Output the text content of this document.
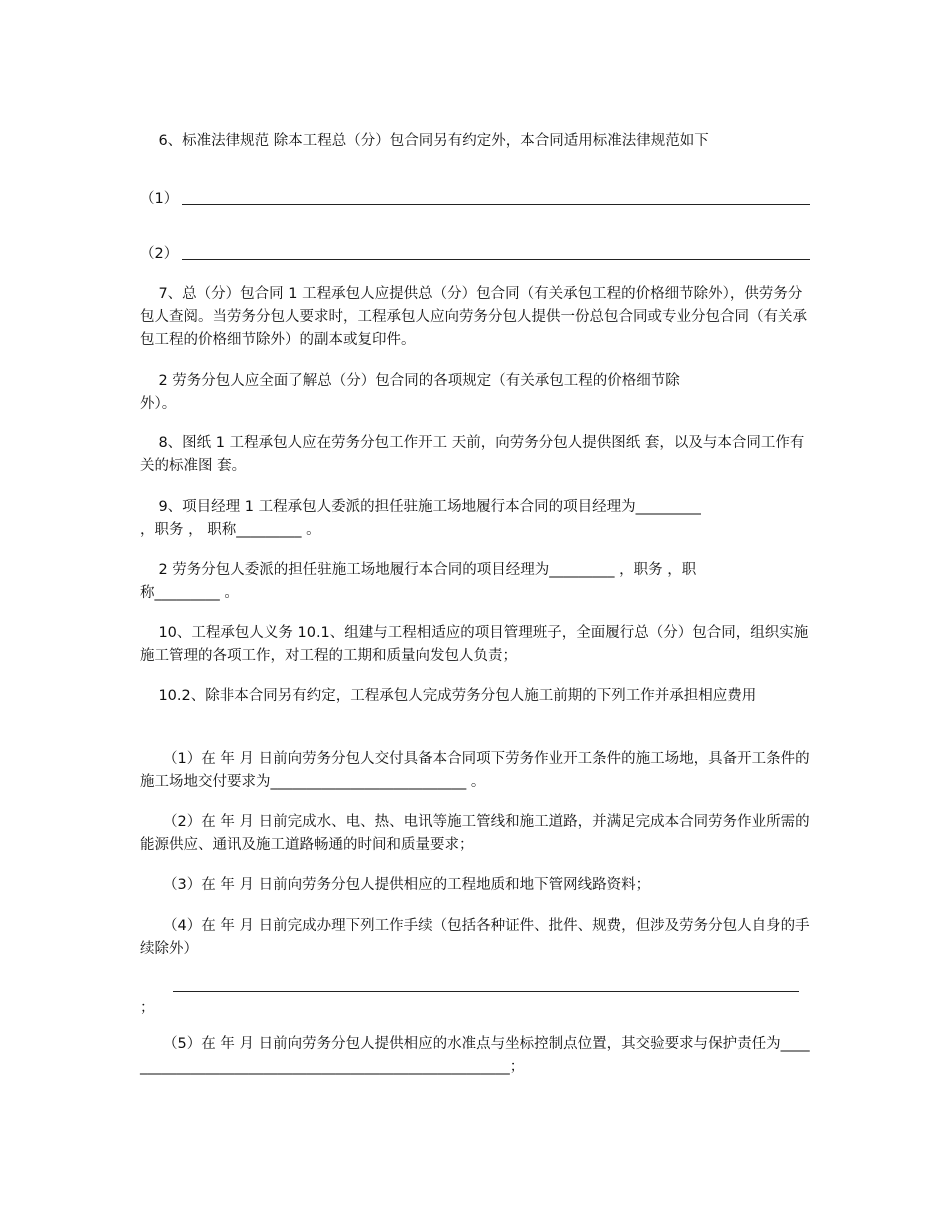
6、标准法律规范 除本工程总（分）包合同另有约定外，本合同适用标准法律规范如下

（1）
（2）

7、总（分）包合同 1 工程承包人应提供总（分）包合同（有关承包工程的价格细节除外），供劳务分包人查阅。当劳务分包人要求时，工程承包人应向劳务分包人提供一份总包合同或专业分包合同（有关承包工程的价格细节除外）的副本或复印件。

2 劳务分包人应全面了解总（分）包合同的各项规定（有关承包工程的价格细节除
外）。

8、图纸 1 工程承包人应在劳务分包工作开工 天前，向劳务分包人提供图纸 套，以及与本合同工作有关的标准图 套。

9、项目经理 1 工程承包人委派的担任驻施工场地履行本合同的项目经理为_________
，职务 ， 职称_________ 。

2 劳务分包人委派的担任驻施工场地履行本合同的项目经理为_________ ，职务 ，职
称_________ 。

10、工程承包人义务 10.1、组建与工程相适应的项目管理班子，全面履行总（分）包合同，组织实施施工管理的各项工作，对工程的工期和质量向发包人负责；

10.2、除非本合同另有约定，工程承包人完成劳务分包人施工前期的下列工作并承担相应费用

（1）在 年 月 日前向劳务分包人交付具备本合同项下劳务作业开工条件的施工场地，具备开工条件的施工场地交付要求为___________________________ 。

（2）在 年 月 日前完成水、电、热、电讯等施工管线和施工道路，并满足完成本合同劳务作业所需的能源供应、通讯及施工道路畅通的时间和质量要求；

（3）在 年 月 日前向劳务分包人提供相应的工程地质和地下管网线路资料；

（4）在 年 月 日前完成办理下列工作手续（包括各种证件、批件、规费，但涉及劳务分包人自身的手续除外）

；

（5）在 年 月 日前向劳务分包人提供相应的水准点与坐标控制点位置，其交验要求与保护责任为_______________________________________________________；
